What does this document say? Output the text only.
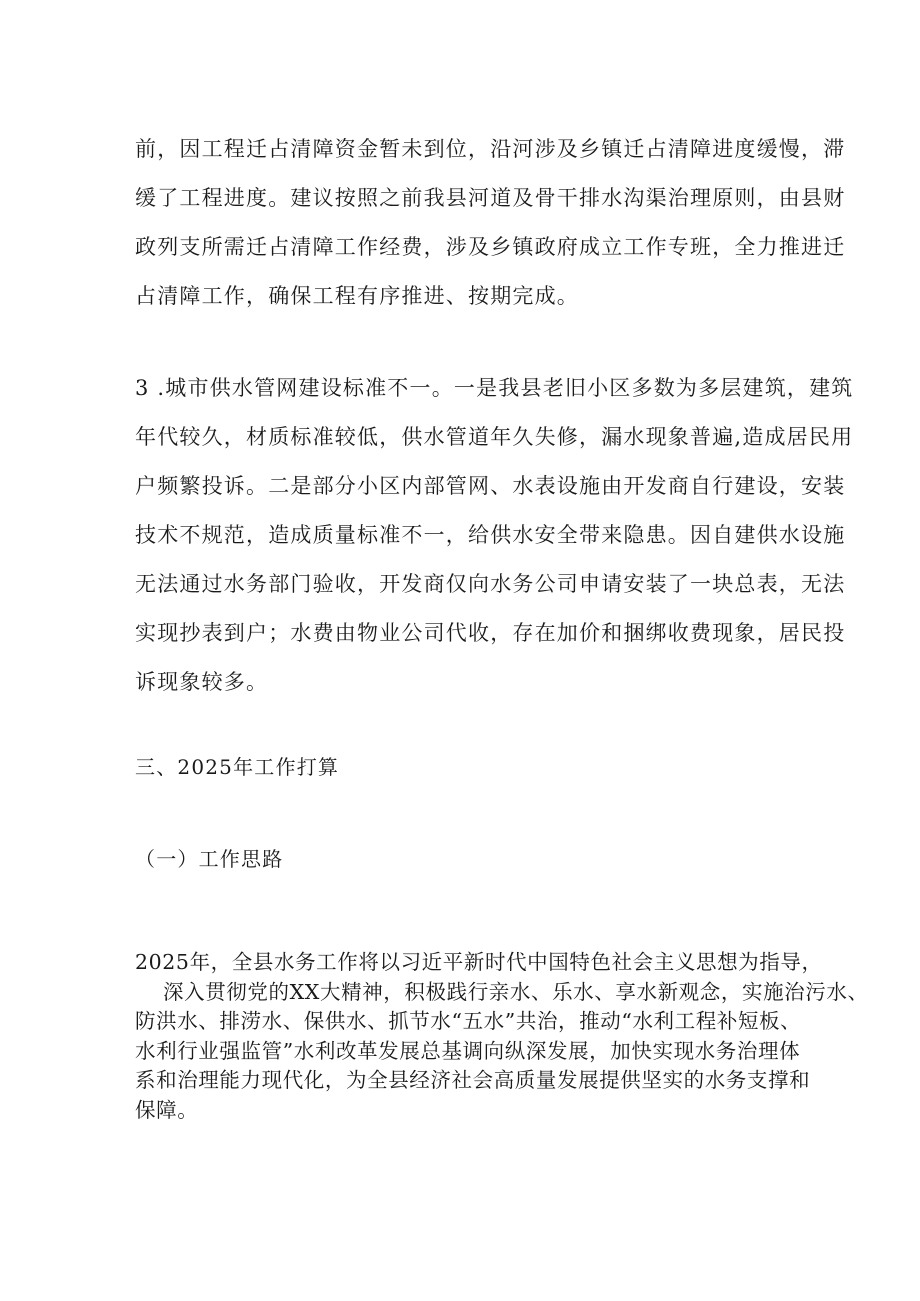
前，因工程迁占清障资金暂未到位，沿河涉及乡镇迁占清障进度缓慢，滞
缓了工程进度。建议按照之前我县河道及骨干排水沟渠治理原则，由县财
政列支所需迁占清障工作经费，涉及乡镇政府成立工作专班，全力推进迁
占清障工作，确保工程有序推进、按期完成。
3 .城市供水管网建设标准不一。一是我县老旧小区多数为多层建筑，建筑
年代较久，材质标准较低，供水管道年久失修，漏水现象普遍,造成居民用
户频繁投诉。二是部分小区内部管网、水表设施由开发商自行建设，安装
技术不规范，造成质量标准不一，给供水安全带来隐患。因自建供水设施
无法通过水务部门验收，开发商仅向水务公司申请安装了一块总表，无法
实现抄表到户；水费由物业公司代收，存在加价和捆绑收费现象，居民投
诉现象较多。
三、2025年工作打算
（一）工作思路
2025年，全县水务工作将以习近平新时代中国特色社会主义思想为指导，
深入贯彻党的XX大精神，积极践行亲水、乐水、享水新观念，实施治污水、
防洪水、排涝水、保供水、抓节水“五水”共治，推动“水利工程补短板、
水利行业强监管”水利改革发展总基调向纵深发展，加快实现水务治理体
系和治理能力现代化，为全县经济社会高质量发展提供坚实的水务支撑和
保障。
